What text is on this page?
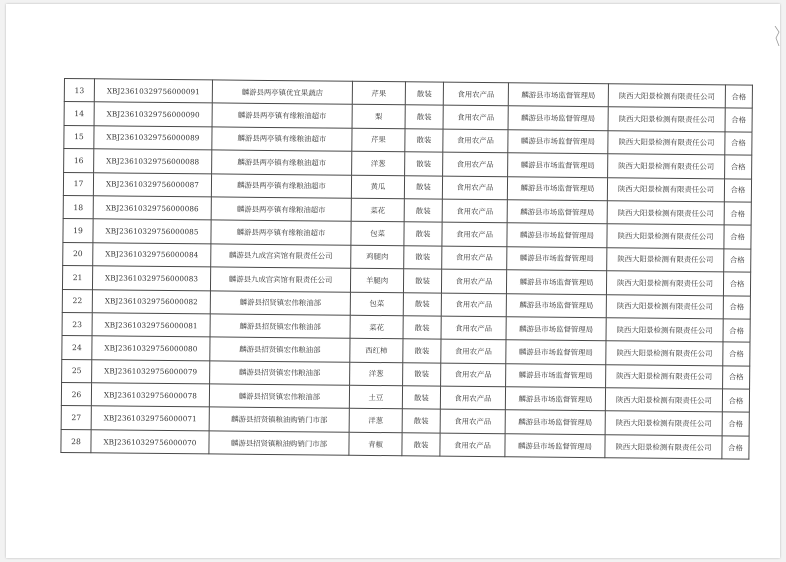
13	XBJ23610329756000091	麟游县两亭镇优宜果蔬店	芹果	散装	食用农产品	麟游县市场监督管理局	陕西大阳景检测有限责任公司	合格
14	XBJ23610329756000090	麟游县两亭镇有缘粮油超市	梨	散装	食用农产品	麟游县市场监督管理局	陕西大阳景检测有限责任公司	合格
15	XBJ23610329756000089	麟游县两亭镇有缘粮油超市	芹果	散装	食用农产品	麟游县市场监督管理局	陕西大阳景检测有限责任公司	合格
16	XBJ23610329756000088	麟游县两亭镇有缘粮油超市	洋葱	散装	食用农产品	麟游县市场监督管理局	陕西大阳景检测有限责任公司	合格
17	XBJ23610329756000087	麟游县两亭镇有缘粮油超市	黄瓜	散装	食用农产品	麟游县市场监督管理局	陕西大阳景检测有限责任公司	合格
18	XBJ23610329756000086	麟游县两亭镇有缘粮油超市	菜花	散装	食用农产品	麟游县市场监督管理局	陕西大阳景检测有限责任公司	合格
19	XBJ23610329756000085	麟游县两亭镇有缘粮油超市	包菜	散装	食用农产品	麟游县市场监督管理局	陕西大阳景检测有限责任公司	合格
20	XBJ23610329756000084	麟游县九成宫宾馆有限责任公司	鸡腿肉	散装	食用农产品	麟游县市场监督管理局	陕西大阳景检测有限责任公司	合格
21	XBJ23610329756000083	麟游县九成宫宾馆有限责任公司	羊腿肉	散装	食用农产品	麟游县市场监督管理局	陕西大阳景检测有限责任公司	合格
22	XBJ23610329756000082	麟游县招贤镇宏伟粮油部	包菜	散装	食用农产品	麟游县市场监督管理局	陕西大阳景检测有限责任公司	合格
23	XBJ23610329756000081	麟游县招贤镇宏伟粮油部	菜花	散装	食用农产品	麟游县市场监督管理局	陕西大阳景检测有限责任公司	合格
24	XBJ23610329756000080	麟游县招贤镇宏伟粮油部	西红柿	散装	食用农产品	麟游县市场监督管理局	陕西大阳景检测有限责任公司	合格
25	XBJ23610329756000079	麟游县招贤镇宏伟粮油部	洋葱	散装	食用农产品	麟游县市场监督管理局	陕西大阳景检测有限责任公司	合格
26	XBJ23610329756000078	麟游县招贤镇宏伟粮油部	土豆	散装	食用农产品	麟游县市场监督管理局	陕西大阳景检测有限责任公司	合格
27	XBJ23610329756000071	麟游县招贤镇粮油购销门市部	洋葱	散装	食用农产品	麟游县市场监督管理局	陕西大阳景检测有限责任公司	合格
28	XBJ23610329756000070	麟游县招贤镇粮油购销门市部	青椒	散装	食用农产品	麟游县市场监督管理局	陕西大阳景检测有限责任公司	合格
